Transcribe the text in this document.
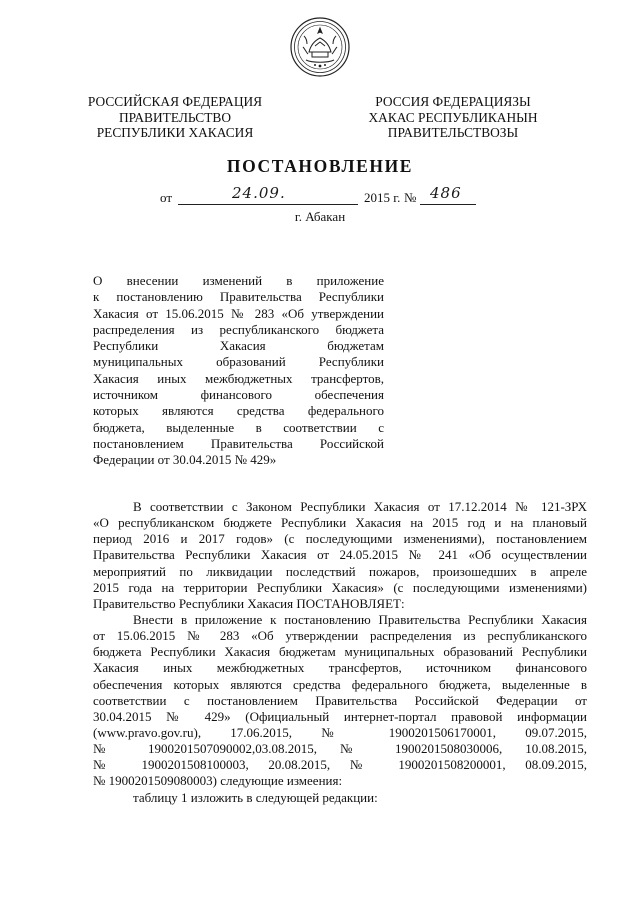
РОССИЙСКАЯ ФЕДЕРАЦИЯ
ПРАВИТЕЛЬСТВО
РЕСПУБЛИКИ ХАКАСИЯ
РОССИЯ ФЕДЕРАЦИЯЗЫ
ХАКАС РЕСПУБЛИКАНЫН
ПРАВИТЕЛЬСТВОЗЫ
ПОСТАНОВЛЕНИЕ
от	24.09.	2015 г. № 486
г. Абакан
О внесении изменений в приложение
к постановлению Правительства Республики
Хакасия от 15.06.2015 № 283 «Об утверждении
распределения из республиканского бюджета
Республики Хакасия бюджетам
муниципальных образований Республики
Хакасия иных межбюджетных трансфертов,
источником финансового обеспечения
которых являются средства федерального
бюджета, выделенные в соответствии с
постановлением Правительства Российской
Федерации от 30.04.2015 № 429»
В соответствии с Законом Республики Хакасия от 17.12.2014 № 121-ЗРХ
«О республиканском бюджете Республики Хакасия на 2015 год и на плановый
период 2016 и 2017 годов» (с последующими изменениями), постановлением
Правительства Республики Хакасия от 24.05.2015 № 241 «Об осуществлении
мероприятий по ликвидации последствий пожаров, произошедших в апреле
2015 года на территории Республики Хакасия» (с последующими изменениями)
Правительство Республики Хакасия ПОСТАНОВЛЯЕТ:
Внести в приложение к постановлению Правительства Республики Хакасия
от 15.06.2015 № 283 «Об утверждении распределения из республиканского
бюджета Республики Хакасия бюджетам муниципальных образований Республики
Хакасия иных межбюджетных трансфертов, источником финансового
обеспечения которых являются средства федерального бюджета, выделенные в
соответствии с постановлением Правительства Российской Федерации от
30.04.2015 № 429» (Официальный интернет-портал правовой информации
(www.pravo.gov.ru), 17.06.2015, № 1900201506170001, 09.07.2015,
№ 1900201507090002,03.08.2015, № 1900201508030006, 10.08.2015,
№ 1900201508100003, 20.08.2015, № 1900201508200001, 08.09.2015,
№ 1900201509080003) следующие измеения:
таблицу 1 изложить в следующей редакции:
